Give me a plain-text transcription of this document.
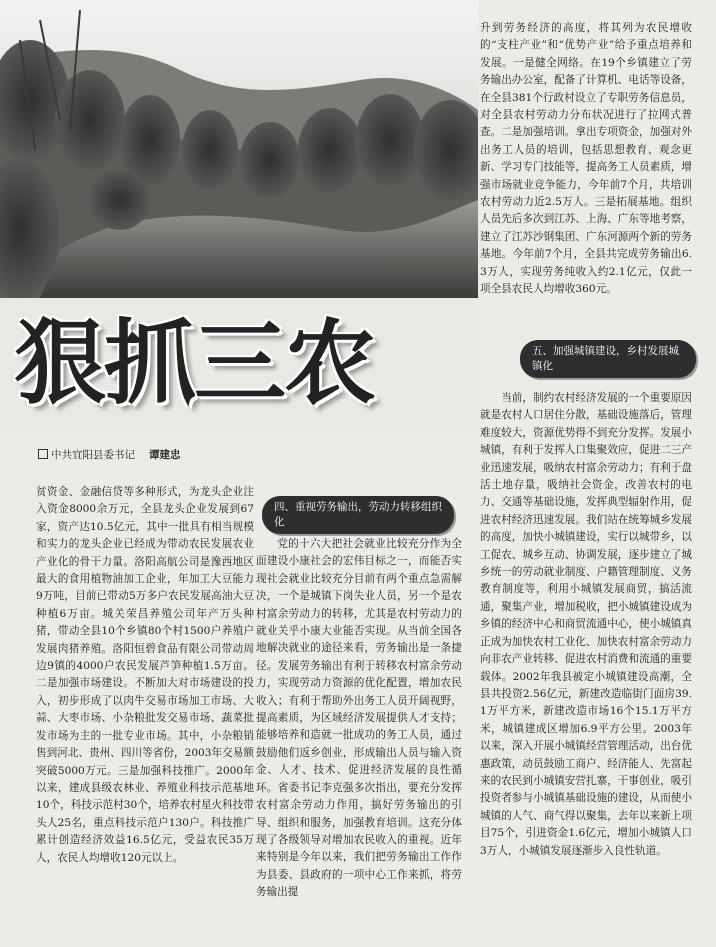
狠抓三农
中共宜阳县委书记 谭建忠

贫资金、金融信贷等多种形式，为龙头企业注入资金8000余万元，全县龙头企业发展到67家，资产达10.5亿元，其中一批具有相当规模和实力的龙头企业已经成为带动农民发展农业产业化的骨干力量。洛阳高航公司是豫西地区最大的食用植物油加工企业，年加工大豆能力9万吨，目前已带动5万多户农民发展高油大豆种植6万亩。城关荣昌养殖公司年产万头种猪，带动全县10个乡镇80个村1500户养殖户发展肉猪养殖。洛阳恒碧食品有限公司带动周边9镇的4000户农民发展芦笋种植1.5万亩。二是加强市场建设。不断加大对市场建设的投入，初步形成了以肉牛交易市场加工市场、大蒜、大枣市场、小杂粮批发交易市场、蔬菜批发市场为主的一批专业市场。其中，小杂粮销售到河北、贵州、四川等省份，2003年交易额突破5000万元。三是加强科技推广。2000年以来，建成县级农林业、养殖业科技示范基地10个，科技示范村30个，培养农村星火科技带头人25名，重点科技示范户130户。科技推广累计创造经济效益16.5亿元，受益农民35万人，农民人均增收120元以上。

四、重视劳务输出，劳动力转移组织化

党的十六大把社会就业比较充分作为全面建设小康社会的宏伟目标之一，而能否实现社会就业比较充分目前有两个重点急需解决，一个是城镇下岗失业人员，另一个是农村富余劳动力的转移，尤其是农村劳动力的就业关乎小康大业能否实现。从当前全国各地解决就业的途径来看，劳务输出是一条捷径。发展劳务输出有利于转移农村富余劳动力，实现劳动力资源的优化配置，增加农民收入；有利于帮助外出务工人员开阔视野，提高素质，为区域经济发展提供人才支持；能够培养和造就一批成功的务工人员，通过鼓励他们返乡创业，形成输出人员与输入资金、人才、技术、促进经济发展的良性循环。省委书记李克强多次指出，要充分发挥农村富余劳动力作用，搞好劳务输出的引导、组织和服务，加强教育培训。这充分体现了各级领导对增加农民收入的重视。近年来特别是今年以来，我们把劳务输出工作作为县委、县政府的一项中心工作来抓，将劳务输出提

升到劳务经济的高度，将其列为农民增收的“支柱产业”和“优势产业”给予重点培养和发展。一是健全网络。在19个乡镇建立了劳务输出办公室，配备了计算机、电话等设备，在全县381个行政村设立了专职劳务信息员，对全县农村劳动力分布状况进行了拉网式普查。二是加强培训。拿出专项资金，加强对外出务工人员的培训，包括思想教育、观念更新、学习专门技能等，提高务工人员素质，增强市场就业竞争能力，今年前7个月，共培训农村劳动力近2.5万人。三是拓展基地。组织人员先后多次到江苏、上海、广东等地考察，建立了江苏沙钢集团、广东河源两个新的劳务基地。今年前7个月，全县共完成劳务输出6.3万人，实现劳务纯收入约2.1亿元，仅此一项全县农民人均增收360元。

五、加强城镇建设，乡村发展城镇化

当前，制约农村经济发展的一个重要原因就是农村人口居住分散，基础设施落后，管理难度较大，资源优势得不到充分发挥。发展小城镇，有利于发挥人口集聚效应，促进二三产业迅速发展，吸纳农村富余劳动力；有利于盘活土地存量，吸纳社会资金，改善农村的电力、交通等基础设施，发挥典型辐射作用，促进农村经济迅速发展。我们站在统筹城乡发展的高度，加快小城镇建设，实行以城带乡，以工促农、城乡互动、协调发展，逐步建立了城乡统一的劳动就业制度、户籍管理制度、义务教育制度等，利用小城镇发展商贸，搞活流通，聚集产业，增加税收，把小城镇建设成为乡镇的经济中心和商贸流通中心，使小城镇真正成为加快农村工业化、加快农村富余劳动力向非农产业转移、促进农村消费和流通的重要载体。2002年我县被定小城镇建设高潮，全县共投资2.56亿元，新建改造临街门面房39.1万平方米，新建改造市场16个15.1万平方米，城镇建成区增加6.9平方公里。2003年以来，深入开展小城镇经营管理活动，出台优惠政策，动员鼓励工商户、经济能人、先富起来的农民到小城镇安营扎寨，干事创业，吸引投资者参与小城镇基础设施的建设，从而使小城镇的人气、商气得以聚集，去年以来新上项目75个，引进资金1.6亿元，增加小城镇人口3万人，小城镇发展逐渐步入良性轨道。
